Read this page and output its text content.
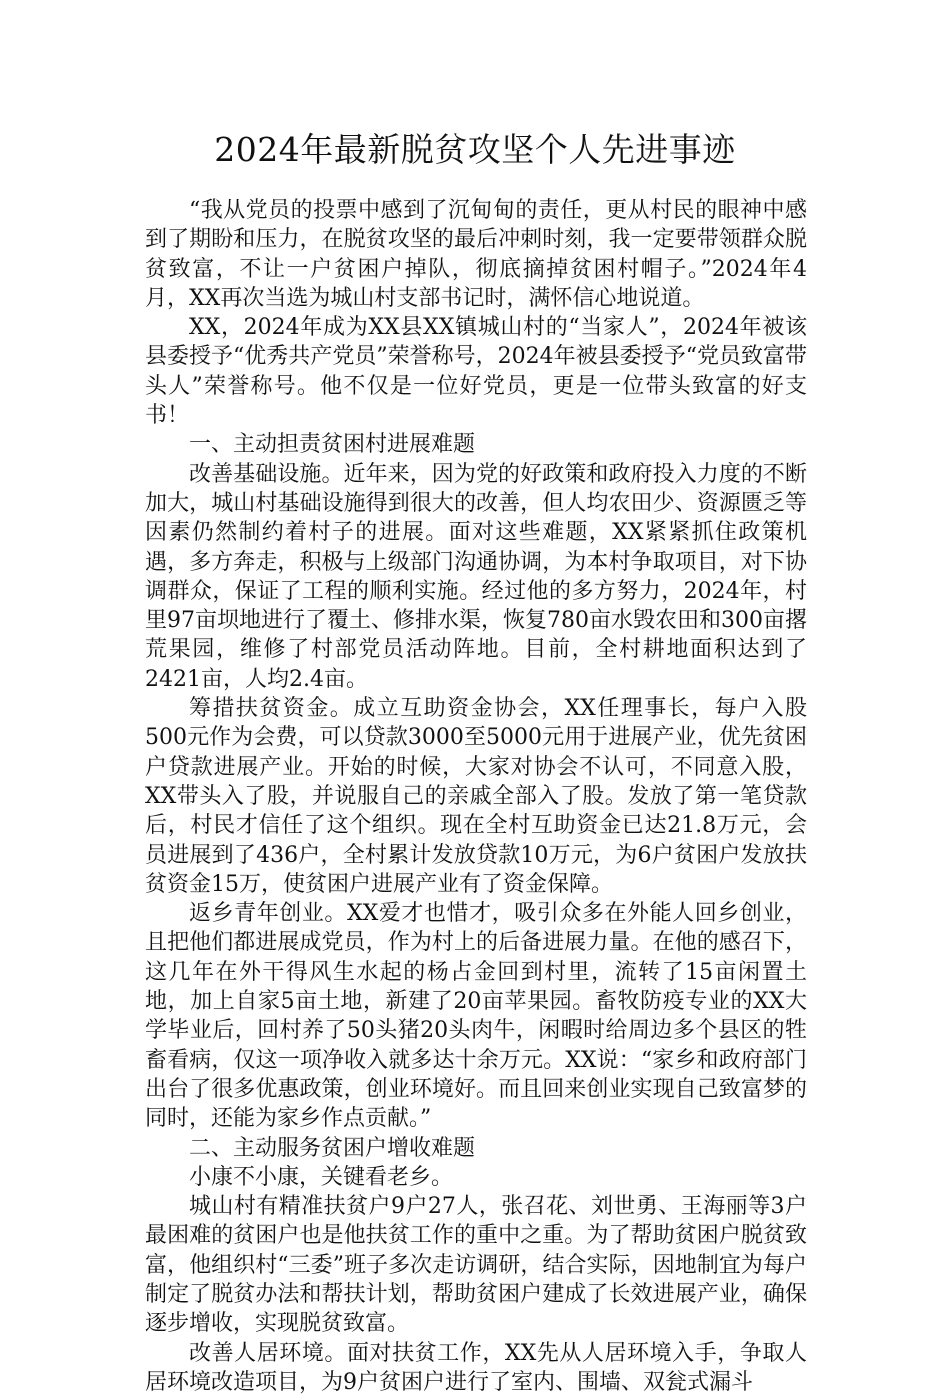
2024年最新脱贫攻坚个人先进事迹

“我从党员的投票中感到了沉甸甸的责任，更从村民的眼神中感到了期盼和压力，在脱贫攻坚的最后冲刺时刻，我一定要带领群众脱贫致富，不让一户贫困户掉队，彻底摘掉贫困村帽子。”2024年4月，XX再次当选为城山村支部书记时，满怀信心地说道。

XX，2024年成为XX县XX镇城山村的“当家人”，2024年被该县委授予“优秀共产党员”荣誉称号，2024年被县委授予“党员致富带头人”荣誉称号。他不仅是一位好党员，更是一位带头致富的好支书！

一、主动担责贫困村进展难题

改善基础设施。近年来，因为党的好政策和政府投入力度的不断加大，城山村基础设施得到很大的改善，但人均农田少、资源匮乏等因素仍然制约着村子的进展。面对这些难题，XX紧紧抓住政策机遇，多方奔走，积极与上级部门沟通协调，为本村争取项目，对下协调群众，保证了工程的顺利实施。经过他的多方努力，2024年，村里97亩坝地进行了覆土、修排水渠，恢复780亩水毁农田和300亩撂荒果园，维修了村部党员活动阵地。目前，全村耕地面积达到了2421亩，人均2.4亩。

筹措扶贫资金。成立互助资金协会，XX任理事长，每户入股500元作为会费，可以贷款3000至5000元用于进展产业，优先贫困户贷款进展产业。开始的时候，大家对协会不认可，不同意入股，XX带头入了股，并说服自己的亲戚全部入了股。发放了第一笔贷款后，村民才信任了这个组织。现在全村互助资金已达21.8万元，会员进展到了436户，全村累计发放贷款10万元，为6户贫困户发放扶贫资金15万，使贫困户进展产业有了资金保障。

返乡青年创业。XX爱才也惜才，吸引众多在外能人回乡创业，且把他们都进展成党员，作为村上的后备进展力量。在他的感召下，这几年在外干得风生水起的杨占金回到村里，流转了15亩闲置土地，加上自家5亩土地，新建了20亩苹果园。畜牧防疫专业的XX大学毕业后，回村养了50头猪20头肉牛，闲暇时给周边多个县区的牲畜看病，仅这一项净收入就多达十余万元。XX说：“家乡和政府部门出台了很多优惠政策，创业环境好。而且回来创业实现自己致富梦的同时，还能为家乡作点贡献。”

二、主动服务贫困户增收难题

小康不小康，关键看老乡。

城山村有精准扶贫户9户27人，张召花、刘世勇、王海丽等3户最困难的贫困户也是他扶贫工作的重中之重。为了帮助贫困户脱贫致富，他组织村“三委”班子多次走访调研，结合实际，因地制宜为每户制定了脱贫办法和帮扶计划，帮助贫困户建成了长效进展产业，确保逐步增收，实现脱贫致富。

改善人居环境。面对扶贫工作，XX先从人居环境入手，争取人居环境改造项目，为9户贫困户进行了室内、围墙、双瓮式漏斗
